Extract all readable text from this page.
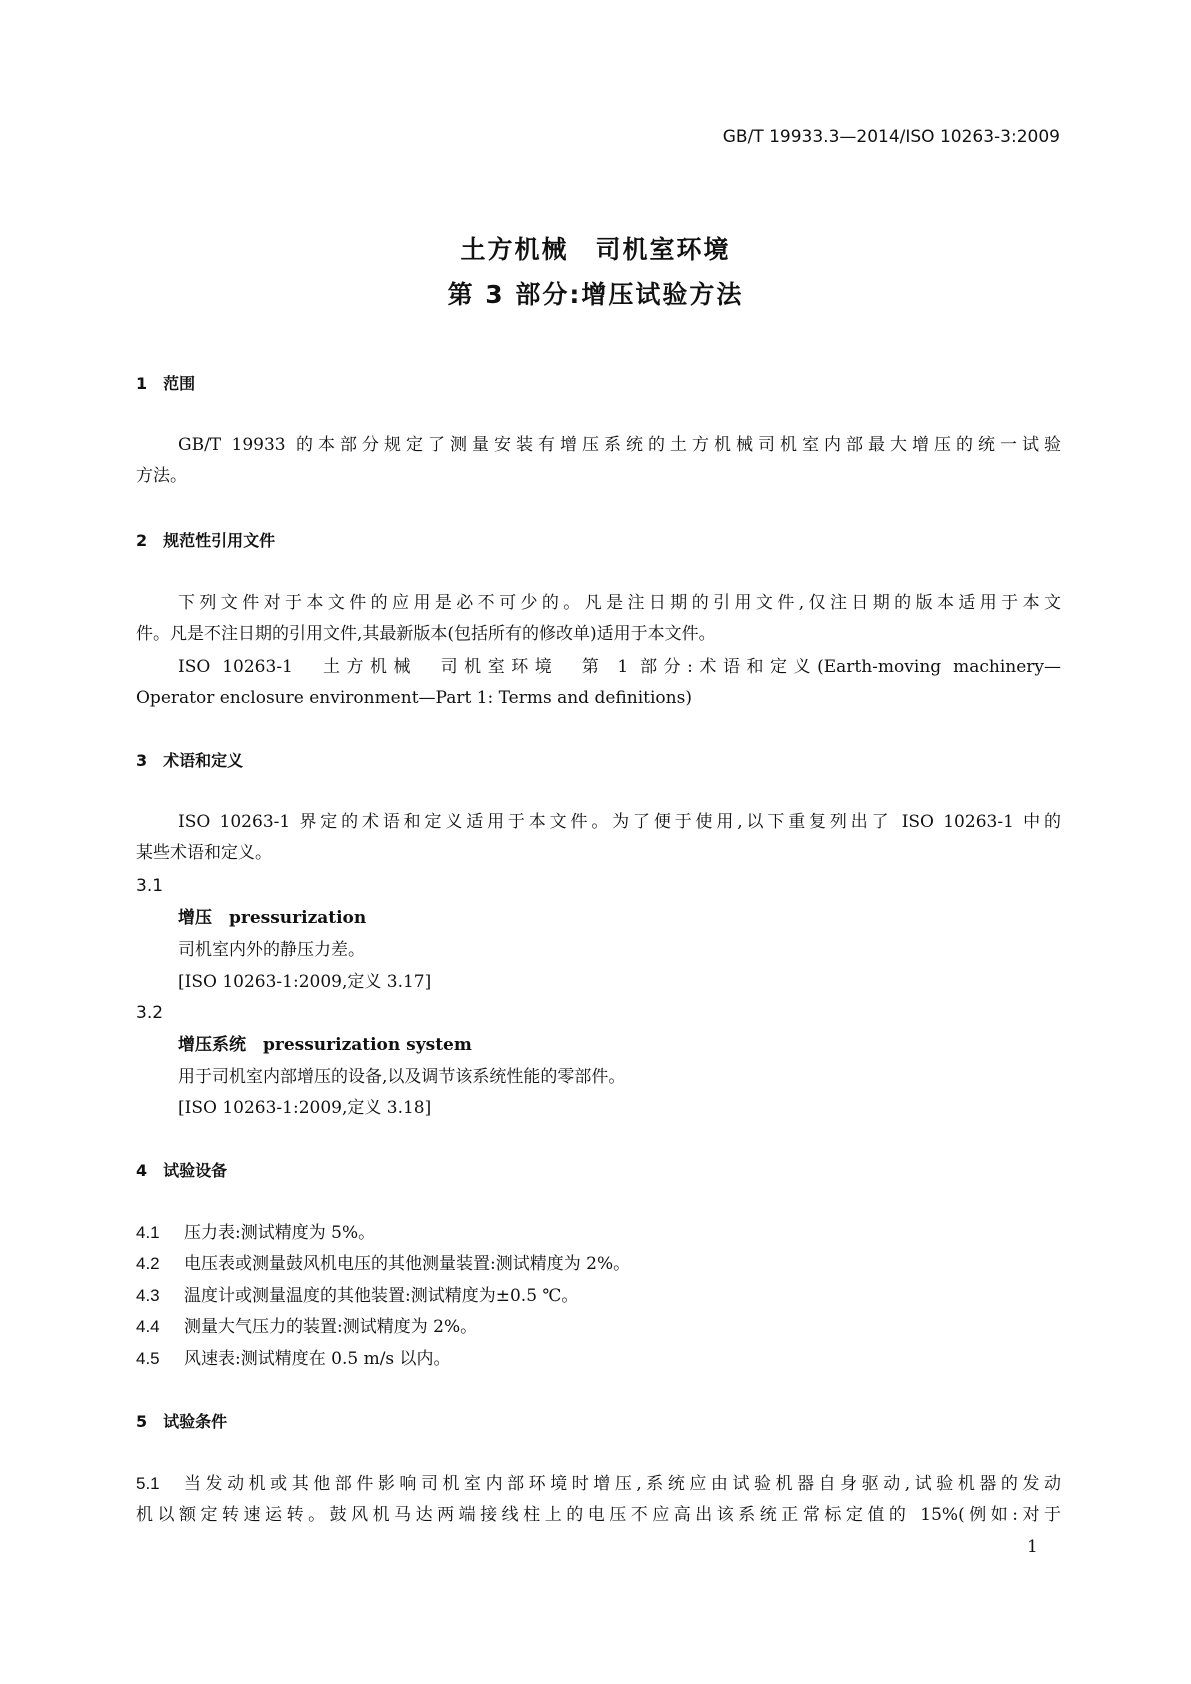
GB/T 19933.3—2014/ISO 10263-3:2009
土方机械　司机室环境
第 3 部分:增压试验方法
1　范围
GB/T 19933 的本部分规定了测量安装有增压系统的土方机械司机室内部最大增压的统一试验
方法。
2　规范性引用文件
下列文件对于本文件的应用是必不可少的。凡是注日期的引用文件,仅注日期的版本适用于本文
件。凡是不注日期的引用文件,其最新版本(包括所有的修改单)适用于本文件。
ISO 10263-1　土方机械　司机室环境　第 1 部分:术语和定义(Earth-moving machinery—
Operator enclosure environment—Part 1: Terms and definitions)
3　术语和定义
ISO 10263-1 界定的术语和定义适用于本文件。为了便于使用,以下重复列出了 ISO 10263-1 中的
某些术语和定义。
3.1
增压　pressurization
司机室内外的静压力差。
[ISO 10263-1:2009,定义 3.17]
3.2
增压系统　pressurization system
用于司机室内部增压的设备,以及调节该系统性能的零部件。
[ISO 10263-1:2009,定义 3.18]
4　试验设备
4.1 压力表:测试精度为 5%。
4.2 电压表或测量鼓风机电压的其他测量装置:测试精度为 2%。
4.3 温度计或测量温度的其他装置:测试精度为±0.5 ℃。
4.4 测量大气压力的装置:测试精度为 2%。
4.5 风速表:测试精度在 0.5 m/s 以内。
5　试验条件
5.1 当发动机或其他部件影响司机室内部环境时增压,系统应由试验机器自身驱动,试验机器的发动
机以额定转速运转。鼓风机马达两端接线柱上的电压不应高出该系统正常标定值的 15%(例如:对于
1
